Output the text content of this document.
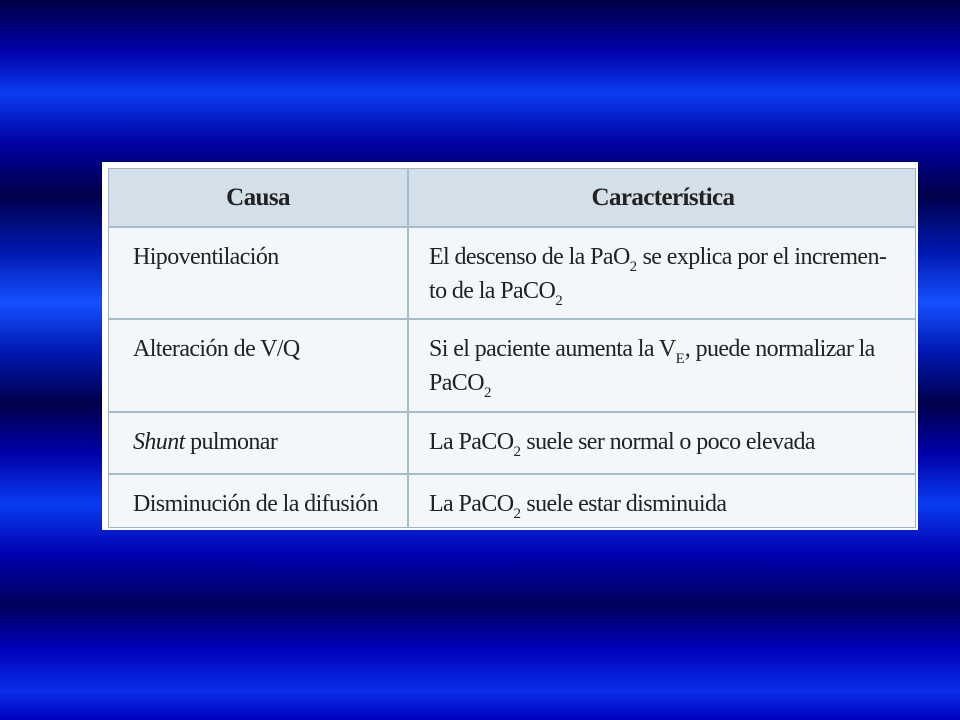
Causa	Característica
Hipoventilación	El descenso de la PaO$_2$ se explica por el incremen-to de la PaCO$_2$
Alteración de V/Q	Si el paciente aumenta la $V_E$, puede normalizar la PaCO$_2$
Shunt pulmonar	La PaCO$_2$ suele ser normal o poco elevada
Disminución de la difusión	La PaCO$_2$ suele estar disminuida
